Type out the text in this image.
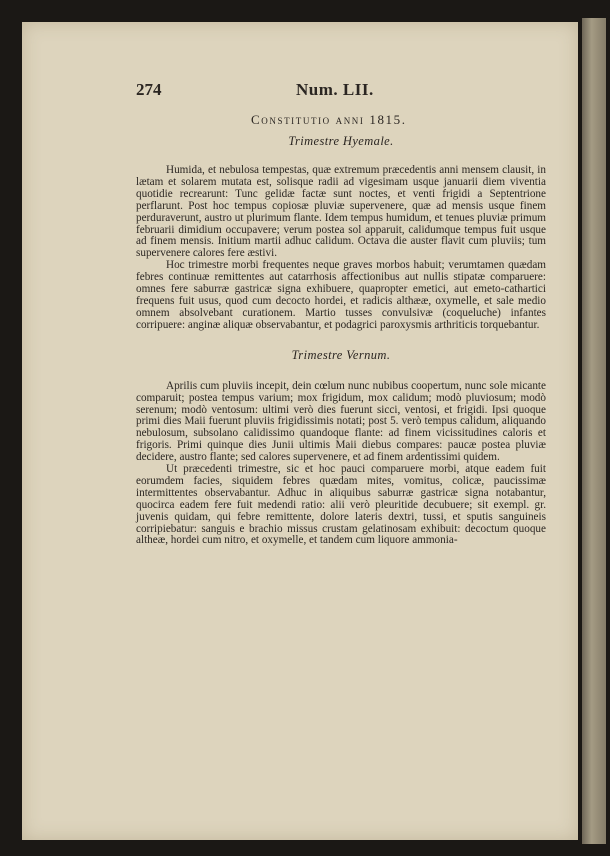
274	Num. LII.
Constitutio anni 1815.
Trimestre Hyemale.

Humida, et nebulosa tempestas, quæ extremum præcedentis anni mensem clausit, in lætam et solarem mutata est, solisque radii ad vigesimam usque januarii diem viventia quotidie recrearunt: Tunc gelidæ factæ sunt noctes, et venti frigidi a Septentrione perflarunt. Post hoc tempus copiosæ pluviæ supervenere, quæ ad mensis usque finem perduraverunt, austro ut plurimum flante. Idem tempus humidum, et tenues pluviæ primum februarii dimidium occupavere; verum postea sol apparuit, calidumque tempus fuit usque ad finem mensis. Initium martii adhuc calidum. Octava die auster flavit cum pluviis; tum supervenere calores fere æstivi.

Hoc trimestre morbi frequentes neque graves morbos habuit; verumtamen quædam febres continuæ remittentes aut catarrhosis affectionibus aut nullis stipatæ comparuere: omnes fere saburræ gastricæ signa exhibuere, quapropter emetici, aut emeto-cathartici frequens fuit usus, quod cum decocto hordei, et radicis althææ, oxymelle, et sale medio omnem absolvebant curationem. Martio tusses convulsivæ (coqueluche) infantes corripuere: anginæ aliquæ observabantur, et podagrici paroxysmis arthriticis torquebantur.

Trimestre Vernum.

Aprilis cum pluviis incepit, dein cœlum nunc nubibus coopertum, nunc sole micante comparuit; postea tempus varium; mox frigidum, mox calidum; modò pluviosum; modò serenum; modò ventosum: ultimi verò dies fuerunt sicci, ventosi, et frigidi. Ipsi quoque primi dies Maii fuerunt pluviis frigidissimis notati; post 5. verò tempus calidum, aliquando nebulosum, subsolano calidissimo quandoque flante: ad finem vicissitudines caloris et frigoris. Primi quinque dies Junii ultimis Maii diebus compares: paucæ postea pluviæ decidere, austro flante; sed calores supervenere, et ad finem ardentissimi quidem.

Ut præcedenti trimestre, sic et hoc pauci comparuere morbi, atque eadem fuit eorumdem facies, siquidem febres quædam mites, vomitus, colicæ, paucissimæ intermittentes observabantur. Adhuc in aliquibus saburræ gastricæ signa notabantur, quocirca eadem fere fuit medendi ratio: alii verò pleuritide decubuere; sit exempl. gr. juvenis quidam, qui febre remittente, dolore lateris dextri, tussi, et sputis sanguineis corripiebatur: sanguis e brachio missus crustam gelatinosam exhibuit: decoctum quoque altheæ, hordei cum nitro, et oxymelle, et tandem cum liquore ammonia-
